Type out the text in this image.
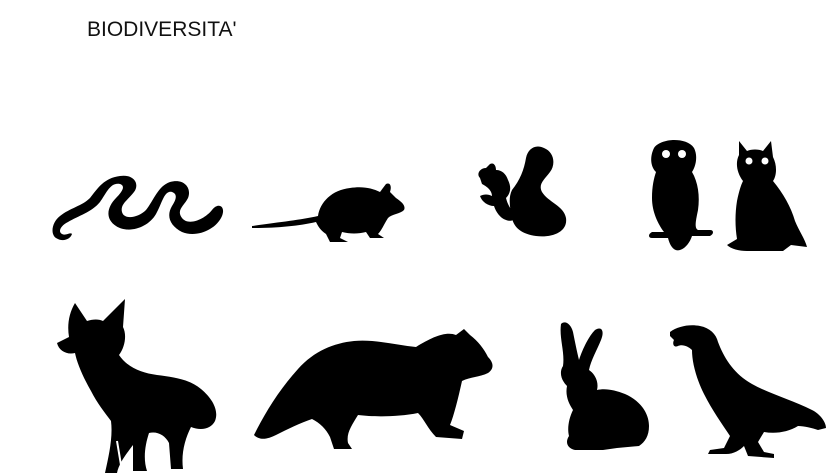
BIODIVERSITA'
